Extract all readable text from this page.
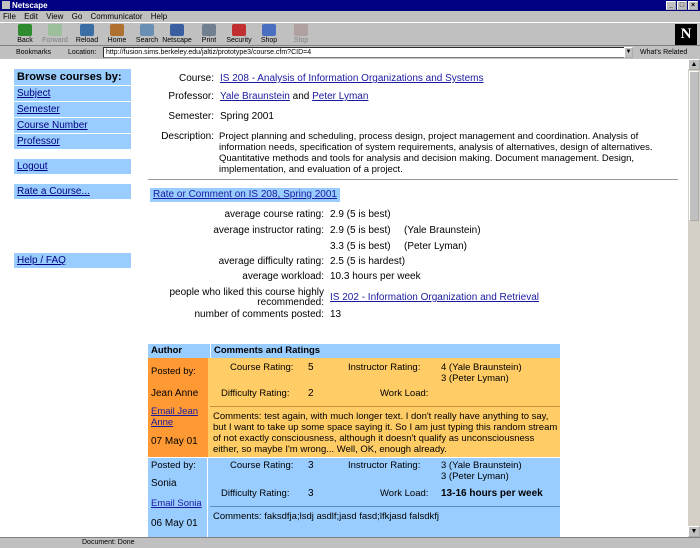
Netscape	_ □ ×
File Edit View Go Communicator Help
Back	Forward	Reload	Home	Search Netscape	Print	Security	Shop	Stop	N
Bookmarks Location:	http://fusion.sims.berkeley.edu/jaltiz/prototype3/course.cfm?CID=4	▼ What's Related
Browse courses by:
Subject
Semester
Course Number
Professor
Logout
Rate a Course...
Help / FAQ
Course: IS 208 - Analysis of Information Organizations and Systems
Professor: Yale Braunstein and Peter Lyman
Semester: Spring 2001
Description: Project planning and scheduling, process design, project management and coordination. Analysis of information needs, specification of system requirements, analysis of alternatives, design of alternatives. Quantitative methods and tools for analysis and decision making. Document management. Design, implementation, and evaluation of a project.
Rate or Comment on IS 208, Spring 2001
average course rating: 2.9 (5 is best)
average instructor rating: 2.9 (5 is best) (Yale Braunstein)
3.3 (5 is best) (Peter Lyman)
average difficulty rating: 2.5 (5 is hardest)
average workload: 10.3 hours per week
people who liked this course highly
recommended: IS 202 - Information Organization and Retrieval
number of comments posted: 13
Author	Comments and Ratings
Posted by:
Jean Anne
Email Jean Anne
07 May 01
Course Rating: 5	Instructor Rating: 4 (Yale Braunstein)
3 (Peter Lyman)
Difficulty Rating: 2	Work Load:
Comments: test again, with much longer text. I don't really have anything to say, but I want to take up some space saying it. So I am just typing this random stream of not exactly consciousness, although it doesn't qualify as unconsciousness either, so maybe I'm wrong... Well, OK, enough already.
Posted by:
Sonia
Email Sonia
06 May 01
Course Rating: 3	Instructor Rating: 3 (Yale Braunstein)
3 (Peter Lyman)
Difficulty Rating: 3	Work Load: 13-16 hours per week
Comments: faksdfja;lsdj asdlf;jasd fasd;lfkjasd falsdkfj
▲
▼
Document: Done
